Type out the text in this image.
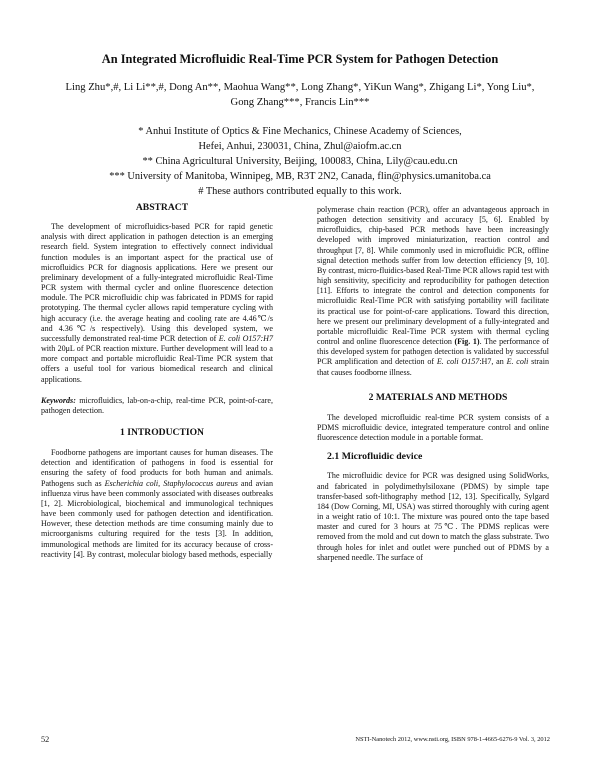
An Integrated Microfluidic Real-Time PCR System for Pathogen Detection
Ling Zhu*,#, Li Li**,#, Dong An**, Maohua Wang**, Long Zhang*, YiKun Wang*, Zhigang Li*, Yong Liu*,
Gong Zhang***, Francis Lin***
* Anhui Institute of Optics & Fine Mechanics, Chinese Academy of Sciences,
Hefei, Anhui, 230031, China, Zhul@aiofm.ac.cn
** China Agricultural University, Beijing, 100083, China, Lily@cau.edu.cn
*** University of Manitoba, Winnipeg, MB, R3T 2N2, Canada, flin@physics.umanitoba.ca
# These authors contributed equally to this work.

ABSTRACT

The development of microfluidics-based PCR for rapid genetic analysis with direct application in pathogen detection is an emerging research field. System integration to effectively connect individual function modules is an important aspect for the practical use of microfluidics PCR for diagnosis applications. Here we present our preliminary development of a fully-integrated microfluidic Real-Time PCR system with thermal cycler and online fluorescence detection module. The PCR microfluidic chip was fabricated in PDMS for rapid prototyping. The thermal cycler allows rapid temperature cycling with high accuracy (i.e. the average heating and cooling rate are 4.46℃/s and 4.36℃/s respectively). Using this developed system, we successfully demonstrated real-time PCR detection of E. coli O157:H7 with 20μL of PCR reaction mixture. Further development will lead to a more compact and portable microfluidic Real-Time PCR system that offers a useful tool for various biomedical research and clinical applications.

Keywords: microfluidics, lab-on-a-chip, real-time PCR, point-of-care, pathogen detection.

1 INTRODUCTION

Foodborne pathogens are important causes for human diseases. The detection and identification of pathogens in food is essential for ensuring the safety of food products for both human and animals. Pathogens such as Escherichia coli, Staphylococcus aureus and avian influenza virus have been commonly associated with diseases outbreaks [1, 2]. Microbiological, biochemical and immunological techniques have been commonly used for pathogen detection and identification. However, these detection methods are time consuming mainly due to microorganisms culturing required for the tests [3]. In addition, immunological methods are limited for its accuracy because of cross-reactivity [4]. By contrast, molecular biology based methods, especially

polymerase chain reaction (PCR), offer an advantageous approach in pathogen detection sensitivity and accuracy [5, 6]. Enabled by microfluidics, chip-based PCR methods have been increasingly developed with improved miniaturization, reaction control and throughput [7, 8]. While commonly used in microfluidic PCR, offline signal detection methods suffer from low detection efficiency [9, 10]. By contrast, micro-fluidics-based Real-Time PCR allows rapid test with high sensitivity, specificity and reproducibility for pathogen detection [11]. Efforts to integrate the control and detection components for microfluidic Real-Time PCR with satisfying portability will facilitate its practical use for point-of-care applications. Toward this direction, here we present our preliminary development of a fully-integrated and portable microfluidic Real-Time PCR system with thermal cycling control and online fluorescence detection (Fig. 1). The performance of this developed system for pathogen detection is validated by successful PCR amplification and detection of E. coli O157:H7, an E. coli strain that causes foodborne illness.

2 MATERIALS AND METHODS

The developed microfluidic real-time PCR system consists of a PDMS microfluidic device, integrated temperature control and online fluorescence detection module in a portable format.

2.1 Microfluidic device

The microfluidic device for PCR was designed using SolidWorks, and fabricated in polydimethylsiloxane (PDMS) by simple tape transfer-based soft-lithography method [12, 13]. Specifically, Sylgard 184 (Dow Corning, MI, USA) was stirred thoroughly with curing agent in a weight ratio of 10:1. The mixture was poured onto the tape based master and cured for 3 hours at 75℃. The PDMS replicas were removed from the mold and cut down to match the glass substrate. Two through holes for inlet and outlet were punched out of PDMS by a sharpened needle. The surface of

52	NSTI-Nanotech 2012, www.nsti.org, ISBN 978-1-4665-6276-9 Vol. 3, 2012
